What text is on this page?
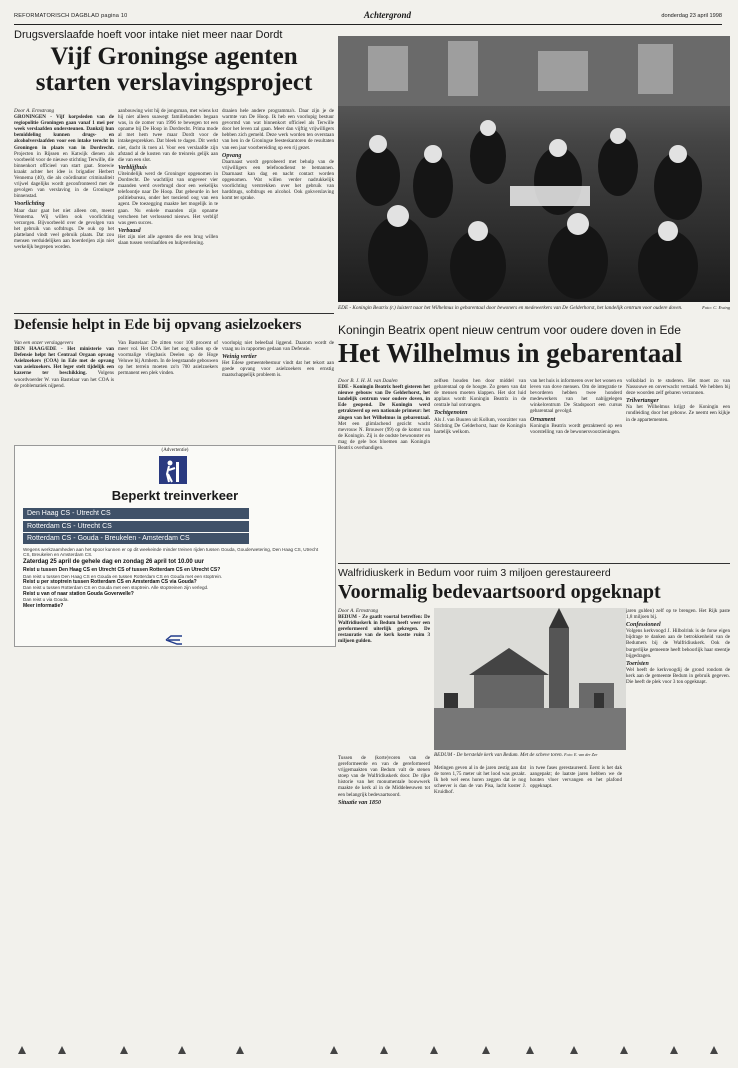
REFORMATORISCH DAGBLAD pagina 10	Achtergrond	donderdag 23 april 1998
Drugsverslaafde hoeft voor intake niet meer naar Dordt
Vijf Groningse agenten
starten verslavingsproject
Door A. Ermstrang
GRONINGEN - Vijf korpsleden van de regiopolitie Groningen gaan vanaf 1 mei per week verslaafden ondersteunen. Dankzij hun bemiddeling kunnen drugs- en alcoholverslaafden voor een intake terecht in Groningen in plaats van in Dordrecht. Projecten in Rijssen en Katwijk dienen als voorbeeld voor de nieuwe stichting Terwille, die binnenkort officieel van start gaat. Stoewie kraakt achter het idee is brigadier Herbert Vennema (40), die als coördinator criminaliteit vrijwel dagelijks wordt geconfronteerd met de gevolgen van verslaving in de Groningse binnenstad.
Voorlichting
Maar daar gaat het niet alleen om, meent Vennema. Wij willen ook voorlichting verzorgen. Bijvoorbeeld over de gevolgen van het gebruik van softdrugs. De ouk op het platteland vindt veel gebruik plaats. Dat zou mensen verduidelijken aan boerderijen zijn niet werkelijk begrepen worden.
aanbouwing wist hij de jongsman, met wiens kst hij niet alleen suawegt familiebanden begaan was, in de zomer van 1996 te bewegen tot een opname bij De Hoop in Dordrecht. Prima mode al met hem twee maar Dordt voor de intakegesprekken. Dat bleek te dagen. Dit werkt niet, dacht ik toen al. Voor een verslaafde zijn afstand al de kosten van de treinreis gelijk aan die van een slot.
Verblijfhuis
Uiteindelijk werd de Groninger opgenomen in Dordrecht. De wachtlijst van ongeveer vier maanden werd overbrugd door een wekelijks telefoontje naar De Hoop. Dat gebeurde in het politiebureau, onder het toeziend oog van een agent. De toezegging maakte het mogelijk in te gaan. Nu enkele maanden zijn opname verscheen het verlossend nieuws. Het verblijf was geen succes.
Verbaasd
Het zijn niet alle agenten die een brug willen slaan tussen verslaafden en hulpverlening.
draaien hele andere programma's. Daar zijn je de warmte van De Hoop. Ik heb een voorlopig bestuur gevormd van wat binnenkort officieel als Terwille door het leven zal gaan. Meer dan vijftig vrijwilligers hebben zich gemeld. Deze werk worden ten overstaan van hen in de Groningse feesteskantoren de resultaten van een jaar voorbereiding op een rij gezet.
Opvang
Daarnaast wordt geprobeerd met behulp van de vrijwilligers een telefoondienst te bemannen. Daarnaast kan dag en nacht contact worden opgenomen. Wat willen verder nadrukkelijk voorlichting verstrekken over het gebruik van harddrugs, softdrugs en alcohol. Ook gokverslaving komt ter sprake.
EDE - Koningin Beatrix (r.) luistert naar het Wilhelmus in gebarentaal door bewoners en medewerkers van De Gelderhorst, het landelijk centrum voor oudere doven.	Foto: C. Ewing
Koningin Beatrix opent nieuw centrum voor oudere doven in Ede
Het Wilhelmus in gebarentaal
Door B. J. H. H. van Daalen
EDE - Koningin Beatrix heeft gisteren het nieuwe gebouw van De Gelderhorst, het landelijk centrum voor oudere doven, in Ede geopend. De Koningin werd getrakteerd op een nationale primeur: het zingen van het Wilhelmus in gebarentaal. Met een glimlachend gezicht wacht mevrouw N. Brouwer (99) op de komst van de Koningin. Zij is de oudste bewoonster en mag de gele bos bloemen aan Koningin Beatrix overhandigen.
zelfsen houden hen door middel van gebarentaal op de hoogte. Zo genen van dat de mensen moeten klappen. Het slot luid applaus wordt Koningin Beatrix in de centrale hal ontvangen.
Tochtgenoten
Als J. van Buuren uit Kollum, voorzitter van Stichting De Gelderhorst, haar de Koningin hartelijk welkom.
van het huis is informeren over het wonen en leven van dove mensen. Om de integratie te bevorderen hebben twee honderd medewerkers van het nabijgelegen winkelcentrum De Stadspoort een cursus gebarentaal gevolgd.
Ornament
Koningin Beatrix wordt getrakteerd op een voorstelling van de bewonersvoorzieningen.
volksblad in te studeren. Het moet zo van Nassouwe en onverwacht vertaald. We hebben bij deze woorden zelf gebaren verzonnen.
Trilvertanger
Na het Wilhelmus krijgt de Koningin een rondleiding door het gebouw. Ze neemt een kijkje in de appartementen.
Defensie helpt in Ede bij opvang asielzoekers
Van een onzer verslaggevers
DEN HAAG/EDE - Het ministerie van Defensie helpt het Centraal Orgaan opvang Asielzoekers (COA) in Ede met de opvang van asielzoekers. Het leger stelt tijdelijk een kazerne ter beschikking. Volgens woordvoerder W. van Bastelaar van het COA is de problematiek nijpend.
Van Bastelaar: De zitten voor 100 procent of meer vol. Het COA liet het oog vallen op de voormalige vliegbasis Deelen op de Hoge Veluwe bij Arnhem. In de leegstaande gebouwen op het terrein moeten zo'n 700 asielzoekers permanent een plek vinden.
voorlopig niet beleefaal liggend. Daarom wordt de vraag nu in rapporten gedaan van Defensie.
Weinig vertier
Het Edese gemeentebestuur vindt dat het tekort aan goede opvang voor asielzoekers een ernstig maatschappelijk probleem is.
(Advertentie)
Beperkt treinverkeer
Den Haag CS - Utrecht CS
Rotterdam CS - Utrecht CS
Rotterdam CS - Gouda - Breukelen - Amsterdam CS
Wegens werkzaamheden aan het spoor kunnen er op dit weekeinde minder treinen rijden tussen Gouda, Gouderwetering, Den Haag CS, Utrecht CS, Breukelen en Amsterdam CS.
Zaterdag 25 april de gehele dag en zondag 26 april tot 10.00 uur
Reist u tussen Den Haag CS en Utrecht CS of tussen Rotterdam CS en Utrecht CS?
Dan reist u tussen Den Haag CS en Gouda en tussen Rotterdam CS en Gouda met een stoptrein.
Reist u per stoptrein tussen Rotterdam CS en Amsterdam CS via Gouda?
Dan reist u tussen Rotterdam CS en Gouda met een stoptrein. Alle stoptreinen zijn verlegd.
Reist u van of naar station Gouda Goverwelle?
Dan reist u via Gouda.
Meer informatie?
Walfridiuskerk in Bedum voor ruim 3 miljoen gerestaureerd
Voormalig bedevaartsoord opgeknapt
Door A. Ermstrang
BEDUM - Ze gaatlt voortal betreffen: De Walfridiuskerk in Bedum heeft weer een gereformeerd uiterlijk gekregen. De restauratie van de kerk kostte ruim 3 miljoen gulden.
BEDUM - De herstelde kerk van Bedum. Met de scheve toren. Foto: E. van der Zee
Tussen de (korte)voren van de gereformeerde en van de gereformeerd vrijgemaakten van Bedum valt de stenen stoep van de Walfridiuskerk door. De rijke historie van het monumentale bouwwerk maakte de kerk al in de Middeleeuwen tot een belangrijk bedevaartsoord.
Situatie van 1850
Metingen geven al in de jaren zestig aan dat de toren 1,75 meter uit het lood was gezakt. Ik heb wel eens horen zeggen dat ie nog scheever is dan de van Pisa, lacht koster J. Kruidhof.
in twee fases gerestaureerd. Eerst is het dak aangepakt; de laatste jaren hebben we de houten vloer vervangen en het plafond opgeknapt.
jaren gulden) zelf op te brengen. Het Rijk paste 1,8 miljoen bij.
Confessioneel
Volgens kerkvoogd J. Hilbolrink is de forse eigen bijdrage te danken aan de betrokkenheid van de Bedumers bij de Walfridiuskerk. Ook de burgerlijke gemeente heeft behoorlijk haar steentje bijgedragen.
Toeristen
Wel heeft de kerkvoogdij de grond rondom de kerk aan de gemeente Bedum in gebruik gegeven. Die heeft de plek voor 3 ton opgeknapt.
